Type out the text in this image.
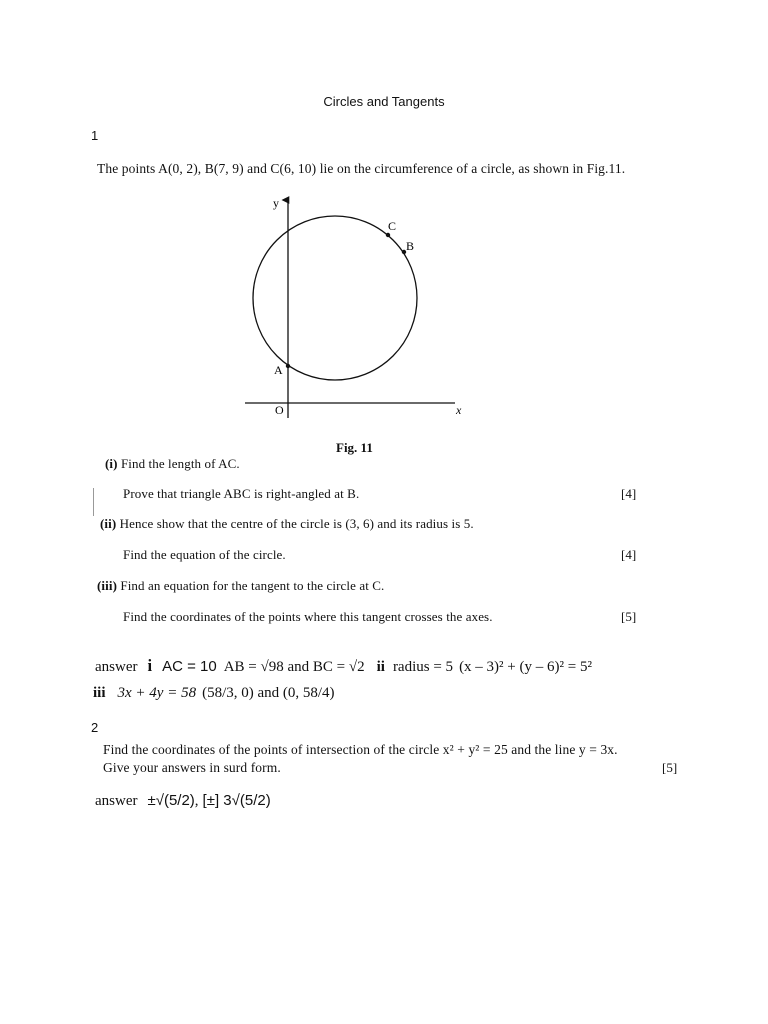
Circles and Tangents
1
The points A(0, 2), B(7, 9) and C(6, 10) lie on the circumference of a circle, as shown in Fig.11.
y
x
O
A
C
B
Fig. 11
(i) Find the length of AC.
Prove that triangle ABC is right-angled at B.	[4]
(ii) Hence show that the centre of the circle is (3, 6) and its radius is 5.
Find the equation of the circle.	[4]
(iii) Find an equation for the tangent to the circle at C.
Find the coordinates of the points where this tangent crosses the axes.	[5]
answer i AC = 10 AB = √98 and BC = √2 ii radius = 5 (x – 3)² + (y – 6)² = 5²
iii 3x + 4y = 58 (58/3, 0) and (0, 58/4)
2
Find the coordinates of the points of intersection of the circle x² + y² = 25 and the line y = 3x.
Give your answers in surd form.	[5]
answer ±√(5/2), [±] 3√(5/2)
